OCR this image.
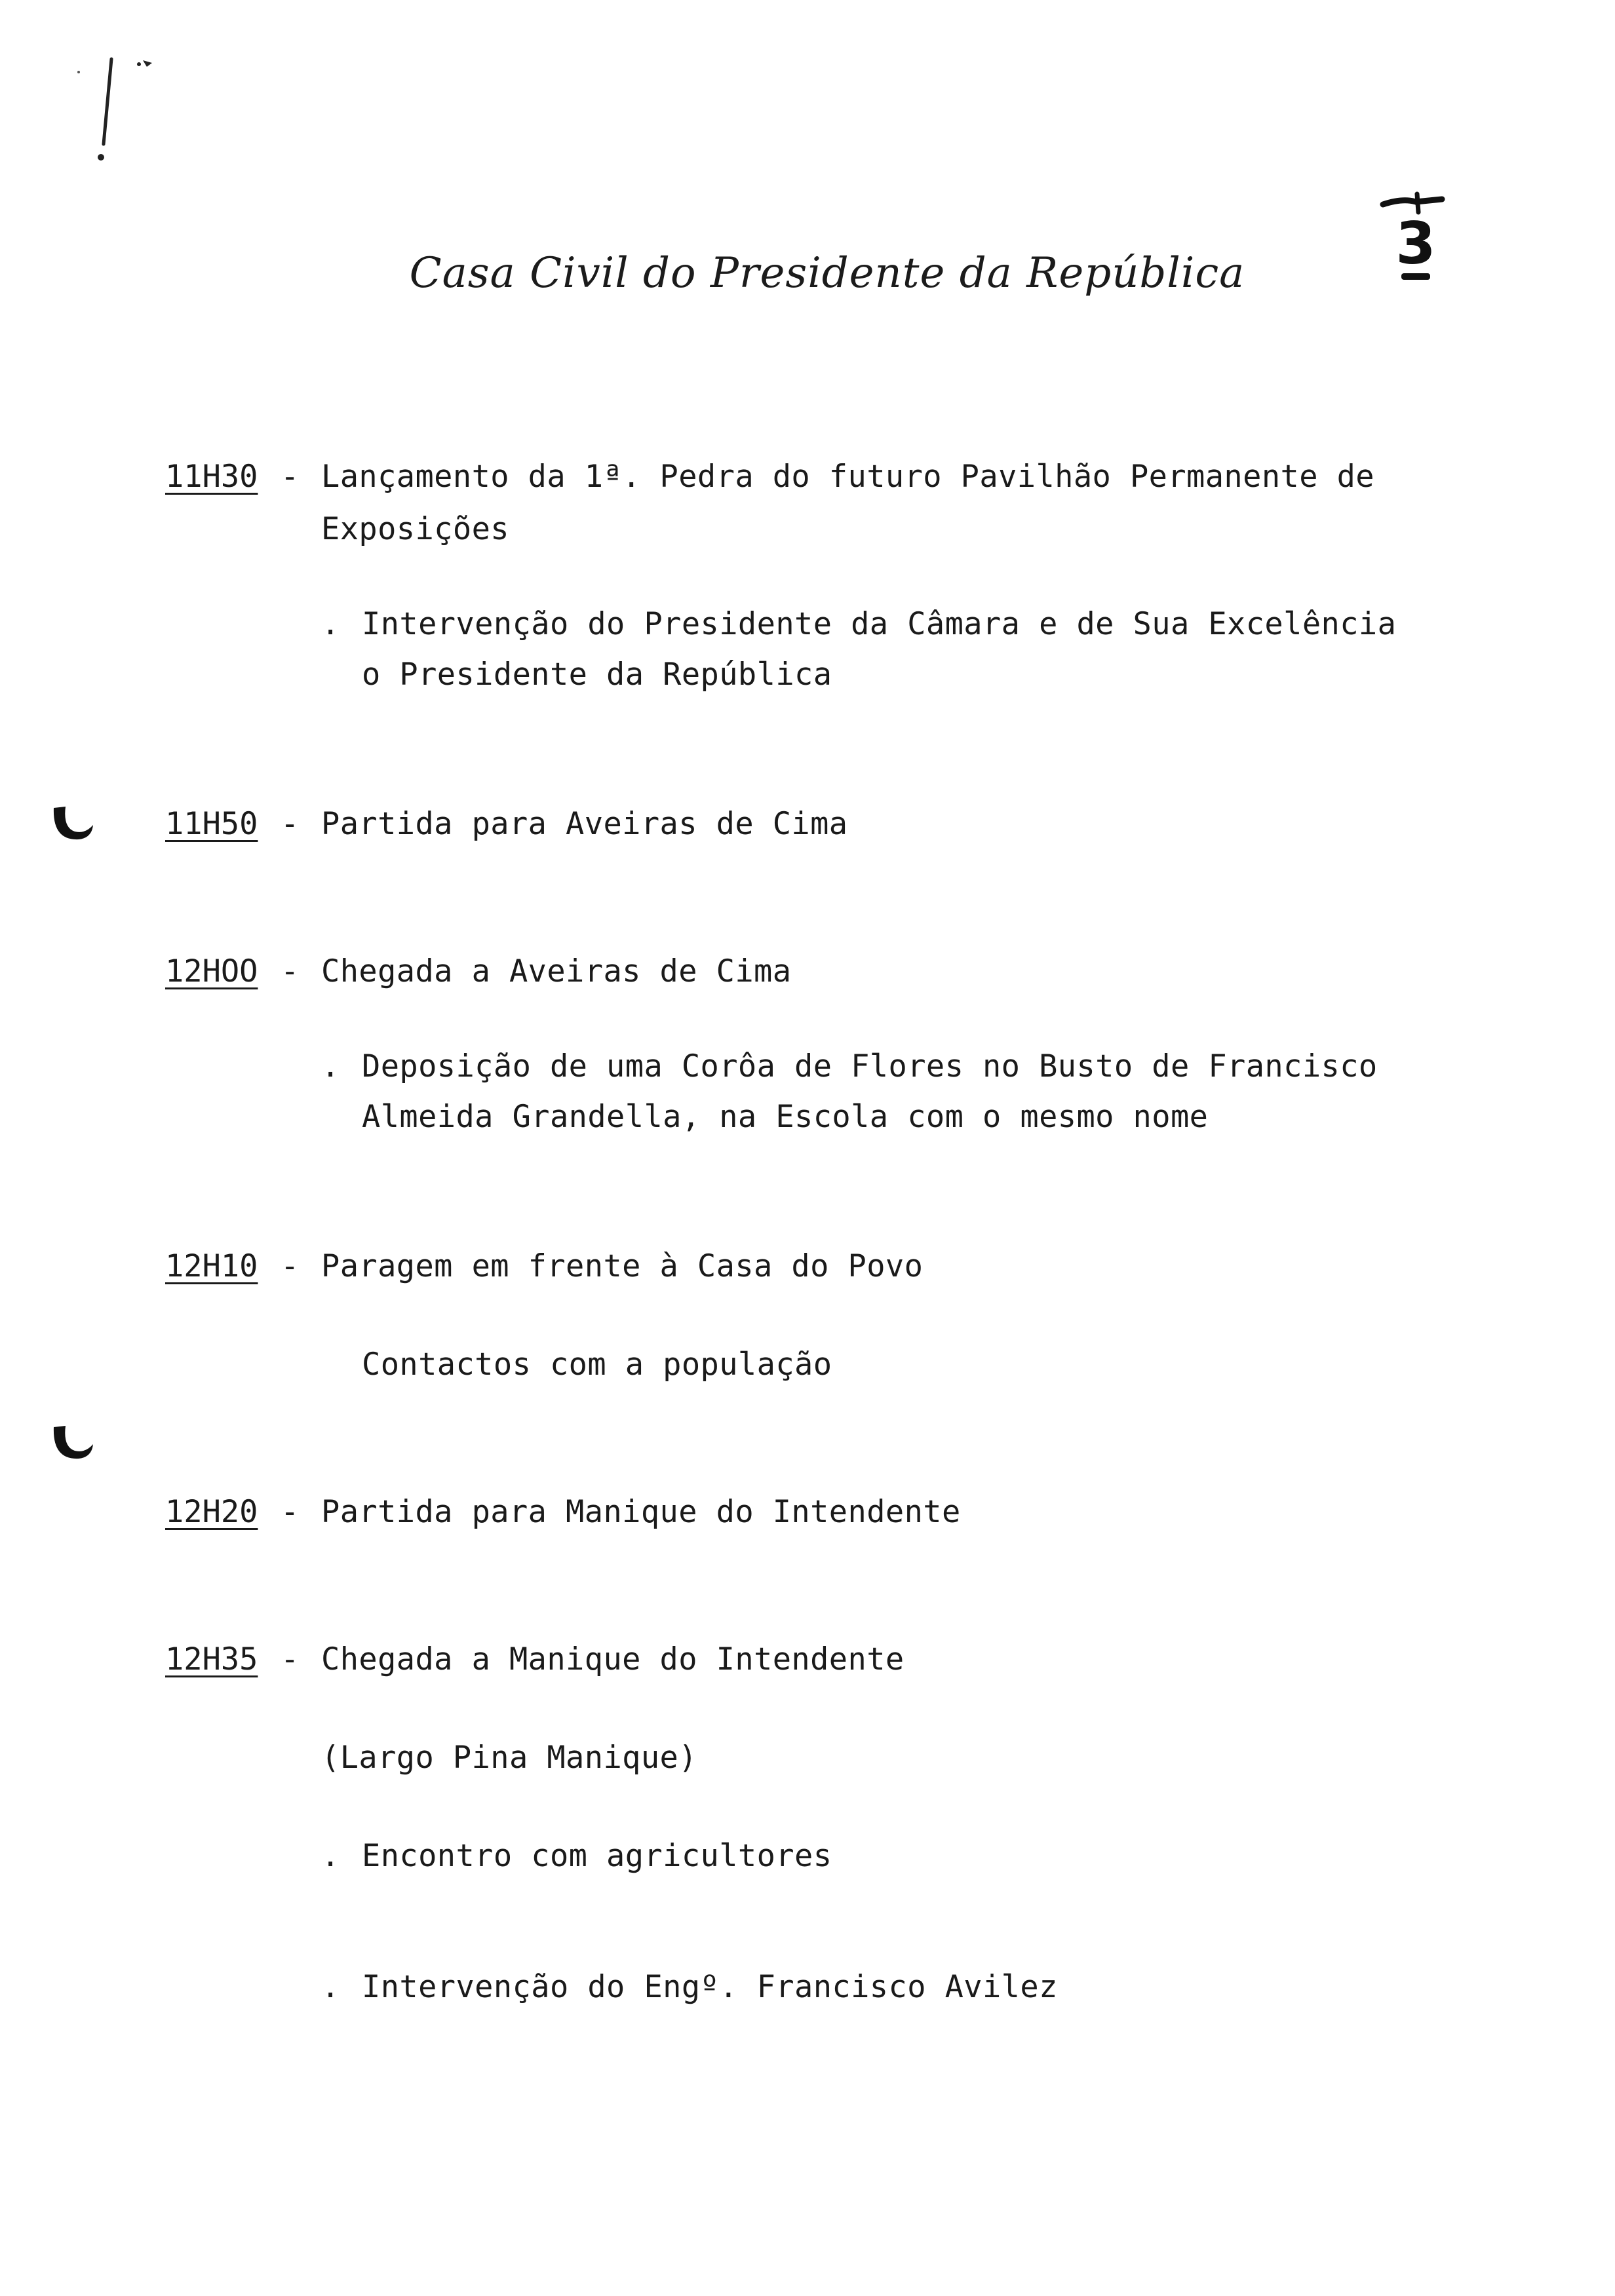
Casa Civil do Presidente da República	3
11H30 - Lançamento da 1ª. Pedra do futuro Pavilhão Permanente de
Exposições
. Intervenção do Presidente da Câmara e de Sua Excelência
o Presidente da República
11H50 - Partida para Aveiras de Cima
12HOO - Chegada a Aveiras de Cima
. Deposição de uma Corôa de Flores no Busto de Francisco
Almeida Grandella, na Escola com o mesmo nome
12H10 - Paragem em frente à Casa do Povo
Contactos com a população
12H20 - Partida para Manique do Intendente
12H35 - Chegada a Manique do Intendente
(Largo Pina Manique)
. Encontro com agricultores
. Intervenção do Engº. Francisco Avilez
